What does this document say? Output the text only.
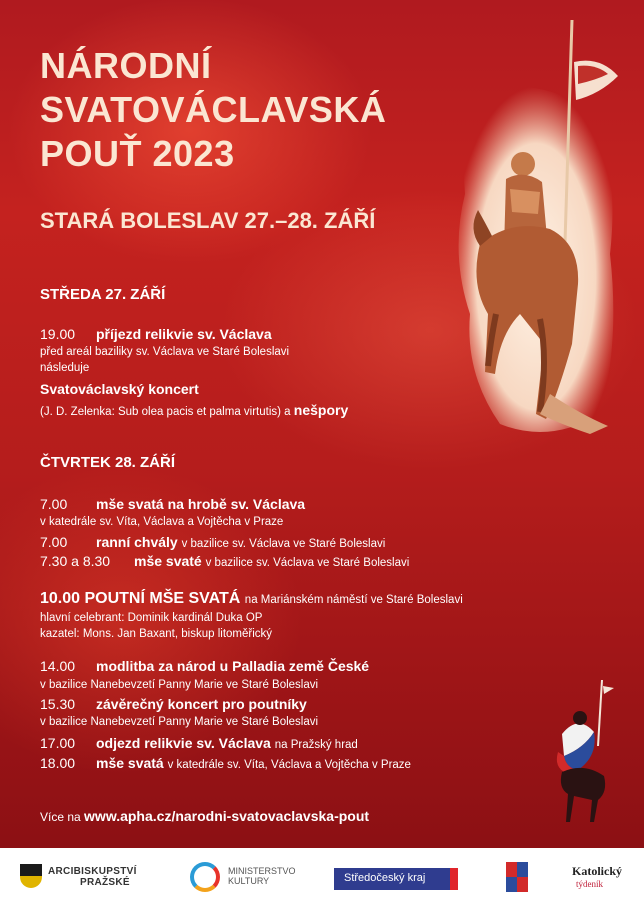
NÁRODNÍ
SVATOVÁCLAVSKÁ
POUŤ 2023
STARÁ BOLESLAV 27.–28. ZÁŘÍ
STŘEDA 27. ZÁŘÍ
19.00 příjezd relikvie sv. Václava
před areál baziliky sv. Václava ve Staré Boleslavi
následuje
Svatováclavský koncert
(J. D. Zelenka: Sub olea pacis et palma virtutis) a nešpory
ČTVRTEK 28. ZÁŘÍ
7.00 mše svatá na hrobě sv. Václava
v katedrále sv. Víta, Václava a Vojtěcha v Praze
7.00 ranní chvály v bazilice sv. Václava ve Staré Boleslavi
7.30 a 8.30 mše svaté v bazilice sv. Václava ve Staré Boleslavi
10.00 POUTNÍ MŠE SVATÁ na Mariánském náměstí ve Staré Boleslavi
hlavní celebrant: Dominik kardinál Duka OP
kazatel: Mons. Jan Baxant, biskup litoměřický
14.00 modlitba za národ u Palladia země České
v bazilice Nanebevzetí Panny Marie ve Staré Boleslavi
15.30 závěrečný koncert pro poutníky
v bazilice Nanebevzetí Panny Marie ve Staré Boleslavi
17.00 odjezd relikvie sv. Václava na Pražský hrad
18.00 mše svatá v katedrále sv. Víta, Václava a Vojtěcha v Praze
Více na www.apha.cz/narodni-svatovaclavska-pout
ARCIBISKUPSTVÍ
PRAŽSKÉ
MINISTERSTVO
KULTURY	Středočeský kraj	Katolický
týdeník
